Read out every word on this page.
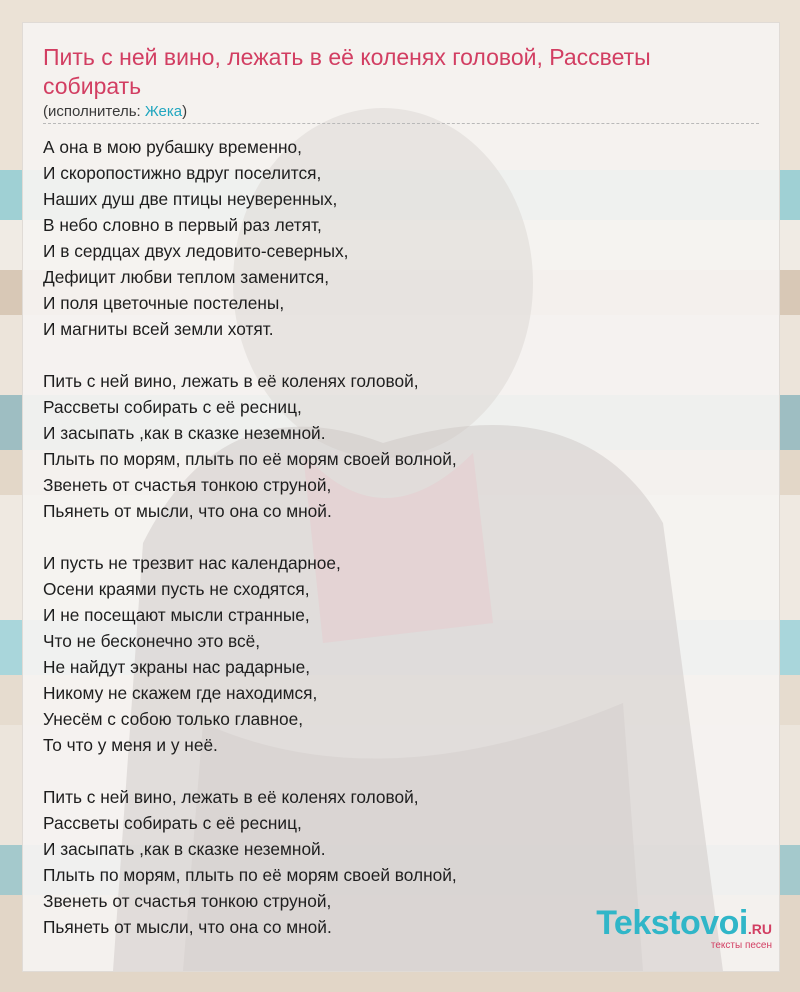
Пить с ней вино, лежать в её коленях головой, Рассветы собирать
(исполнитель: Жека)
А она в мою рубашку временно,
И скоропостижно вдруг поселится,
Наших душ две птицы неуверенных,
В небо словно в первый раз летят,
И в сердцах двух ледовито-северных,
Дефицит любви теплом заменится,
И поля цветочные постелены,
И магниты всей земли хотят.
Пить с ней вино, лежать в её коленях головой,
Рассветы собирать с её ресниц,
И засыпать ,как в сказке неземной.
Плыть по морям, плыть по её морям своей волной,
Звенеть от счастья тонкою струной,
Пьянеть от мысли, что она со мной.
И пусть не трезвит нас календарное,
Осени краями пусть не сходятся,
И не посещают мысли странные,
Что не бесконечно это всё,
Не найдут экраны нас радарные,
Никому не скажем где находимся,
Унесём с собою только главное,
То что у меня и у неё.
Пить с ней вино, лежать в её коленях головой,
Рассветы собирать с её ресниц,
И засыпать ,как в сказке неземной.
Плыть по морям, плыть по её морям своей волной,
Звенеть от счастья тонкою струной,
Пьянеть от мысли, что она со мной.	Tekstovoi.RU
тексты песен
